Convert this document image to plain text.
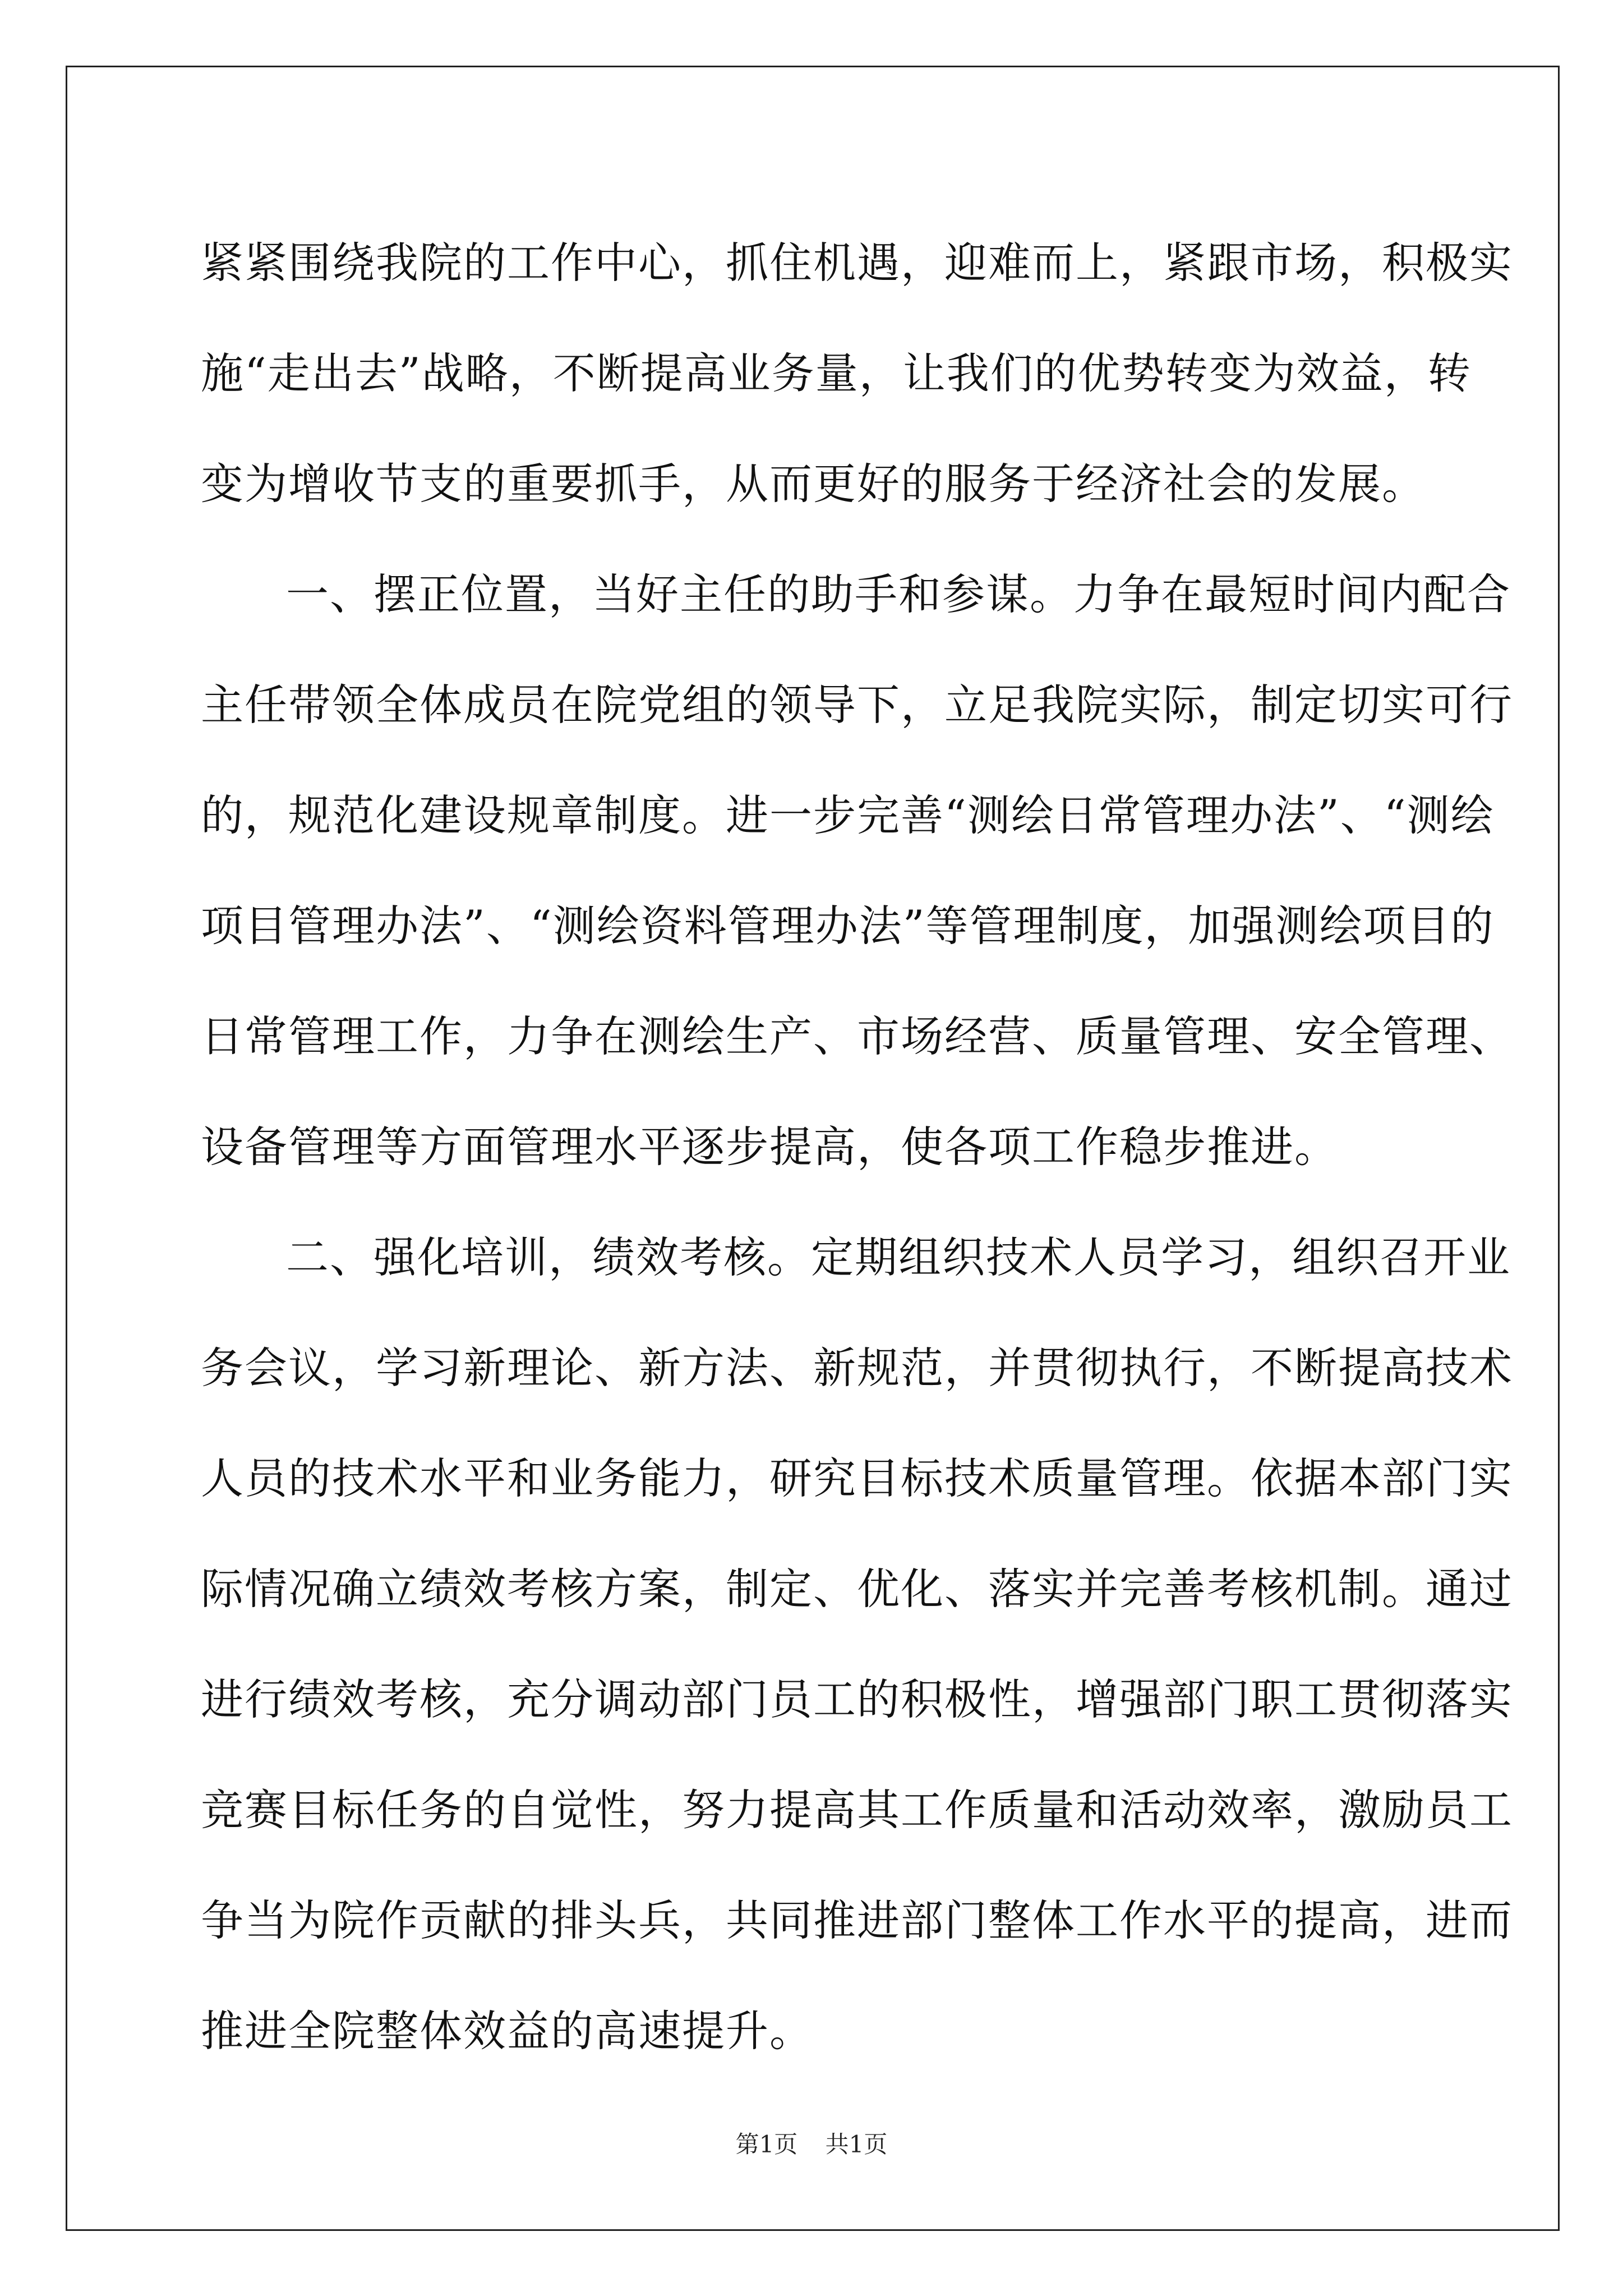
紧紧围绕我院的工作中心，抓住机遇，迎难而上，紧跟市场，积极实
施“走出去”战略，不断提高业务量，让我们的优势转变为效益，转
变为增收节支的重要抓手，从而更好的服务于经济社会的发展。
一、摆正位置，当好主任的助手和参谋。力争在最短时间内配合
主任带领全体成员在院党组的领导下，立足我院实际，制定切实可行
的，规范化建设规章制度。进一步完善“测绘日常管理办法”、“测绘
项目管理办法”、“测绘资料管理办法”等管理制度，加强测绘项目的
日常管理工作，力争在测绘生产、市场经营、质量管理、安全管理、
设备管理等方面管理水平逐步提高，使各项工作稳步推进。
二、强化培训，绩效考核。定期组织技术人员学习，组织召开业
务会议，学习新理论、新方法、新规范，并贯彻执行，不断提高技术
人员的技术水平和业务能力，研究目标技术质量管理。依据本部门实
际情况确立绩效考核方案，制定、优化、落实并完善考核机制。通过
进行绩效考核，充分调动部门员工的积极性，增强部门职工贯彻落实
竞赛目标任务的自觉性，努力提高其工作质量和活动效率，激励员工
争当为院作贡献的排头兵，共同推进部门整体工作水平的提高，进而
推进全院整体效益的高速提升。
第1页 共1页
